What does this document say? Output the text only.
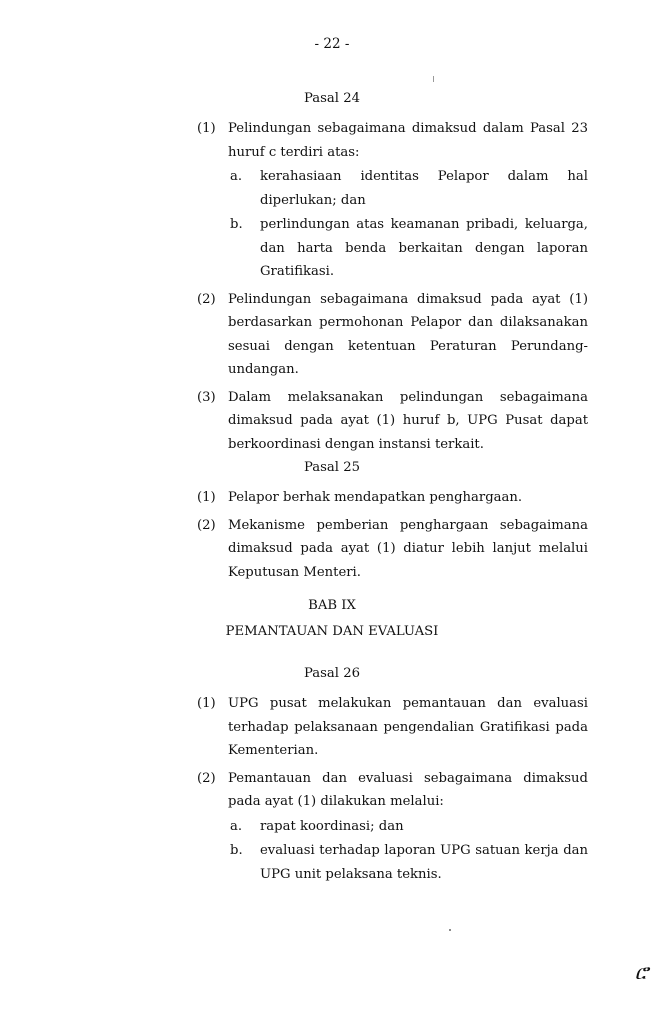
- 22 -
Pasal 24
(1) Pelindungan sebagaimana dimaksud dalam Pasal 23 huruf c terdiri atas:
a. kerahasiaan identitas Pelapor dalam hal diperlukan; dan
b. perlindungan atas keamanan pribadi, keluarga, dan harta benda berkaitan dengan laporan Gratifikasi.
(2) Pelindungan sebagaimana dimaksud pada ayat (1) berdasarkan permohonan Pelapor dan dilaksanakan sesuai dengan ketentuan Peraturan Perundang-undangan.
(3) Dalam melaksanakan pelindungan sebagaimana dimaksud pada ayat (1) huruf b, UPG Pusat dapat berkoordinasi dengan instansi terkait.
Pasal 25
(1) Pelapor berhak mendapatkan penghargaan.
(2) Mekanisme pemberian penghargaan sebagaimana dimaksud pada ayat (1) diatur lebih lanjut melalui Keputusan Menteri.
BAB IX
PEMANTAUAN DAN EVALUASI
Pasal 26
(1) UPG pusat melakukan pemantauan dan evaluasi terhadap pelaksanaan pengendalian Gratifikasi pada Kementerian.
(2) Pemantauan dan evaluasi sebagaimana dimaksud pada ayat (1) dilakukan melalui:
a. rapat koordinasi; dan
b. evaluasi terhadap laporan UPG satuan kerja dan UPG unit pelaksana teknis.
ሮ
